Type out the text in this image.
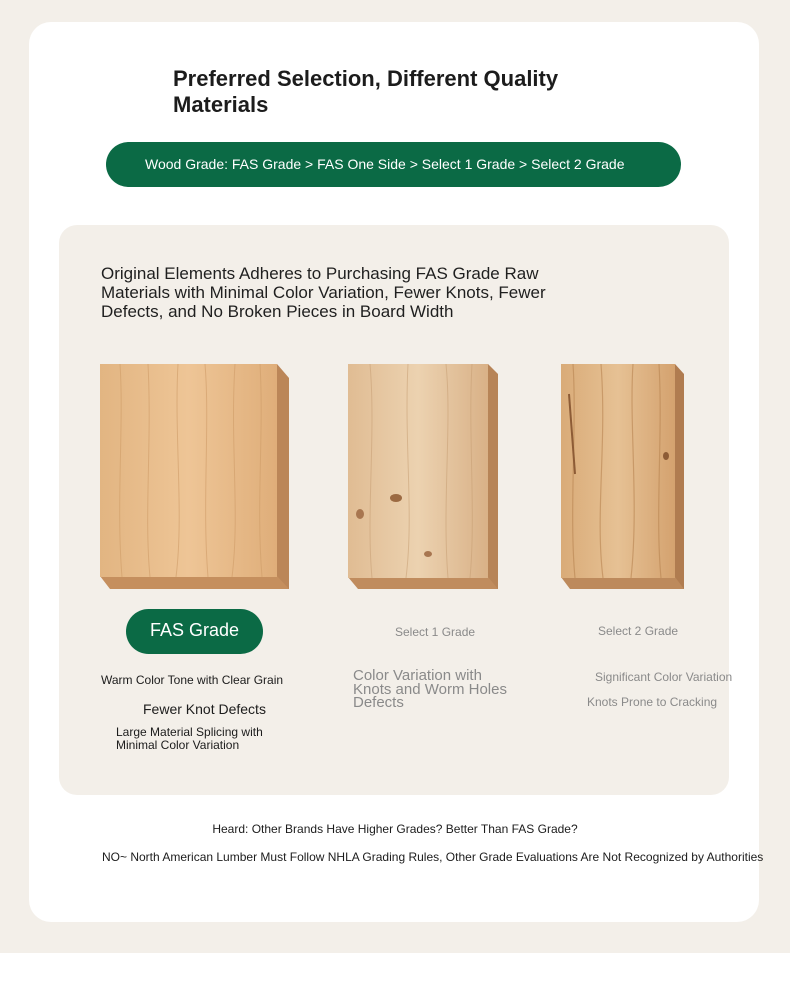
Preferred Selection, Different Quality Materials
Wood Grade: FAS Grade > FAS One Side > Select 1 Grade > Select 2 Grade
Original Elements Adheres to Purchasing FAS Grade Raw Materials with Minimal Color Variation, Fewer Knots, Fewer Defects, and No Broken Pieces in Board Width
FAS Grade	Select 1 Grade	Select 2 Grade
Warm Color Tone with Clear Grain
Fewer Knot Defects
Large Material Splicing with Minimal Color Variation
Color Variation with Knots and Worm Holes Defects
Significant Color Variation
Knots Prone to Cracking
Heard: Other Brands Have Higher Grades? Better Than FAS Grade?
NO~ North American Lumber Must Follow NHLA Grading Rules, Other Grade Evaluations Are Not Recognized by Authorities
